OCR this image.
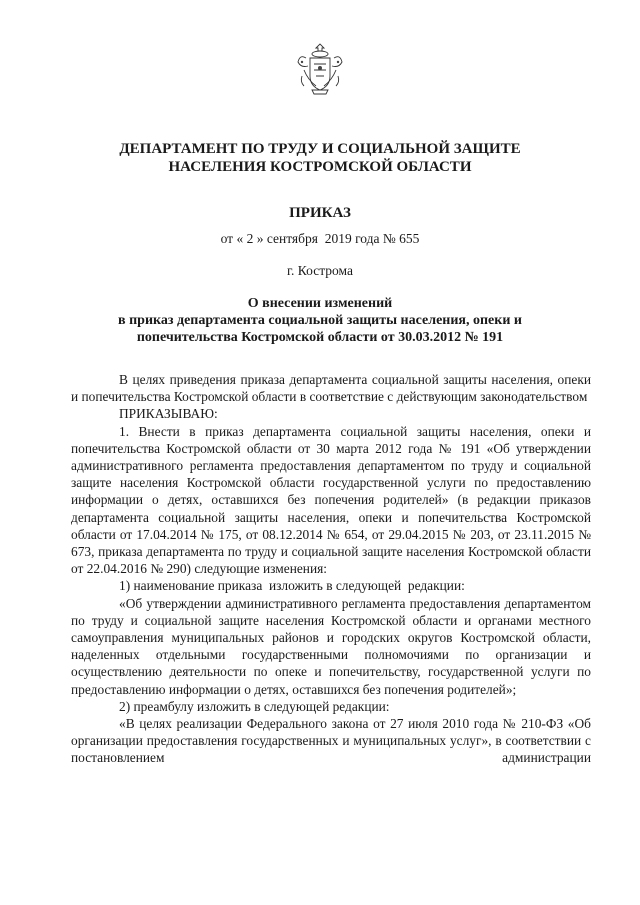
ДЕПАРТАМЕНТ ПО ТРУДУ И СОЦИАЛЬНОЙ ЗАЩИТЕ
НАСЕЛЕНИЯ КОСТРОМСКОЙ ОБЛАСТИ
ПРИКАЗ
от « 2 » сентября  2019 года № 655
г. Кострома
О внесении изменений
в приказ департамента социальной защиты населения, опеки и
попечительства Костромской области от 30.03.2012 № 191

В целях приведения приказа департамента социальной защиты населения, опеки и попечительства Костромской области в соответствие с действующим законодательством

ПРИКАЗЫВАЮ:

1. Внести в приказ департамента социальной защиты населения, опеки и попечительства Костромской области от 30 марта 2012 года № 191 «Об утверждении административного регламента предоставления департаментом по труду и социальной защите населения Костромской области государственной услуги по предоставлению информации о детях, оставшихся без попечения родителей» (в редакции приказов департамента социальной защиты населения, опеки и попечительства Костромской области от 17.04.2014 № 175, от 08.12.2014 № 654, от 29.04.2015 № 203, от 23.11.2015 № 673, приказа департамента по труду и социальной защите населения Костромской области от 22.04.2016 № 290) следующие изменения:

1) наименование приказа  изложить в следующей  редакции:

«Об утверждении административного регламента предоставления департаментом по труду и социальной защите населения Костромской области и органами местного самоуправления муниципальных районов и городских округов Костромской области, наделенных отдельными государственными полномочиями по организации и осуществлению деятельности по опеке и попечительству, государственной услуги по предоставлению информации о детях, оставшихся без попечения родителей»;

2) преамбулу изложить в следующей редакции:

«В целях реализации Федерального закона от 27 июля 2010 года № 210-ФЗ «Об организации предоставления государственных и муниципальных услуг», в соответствии с постановлением администрации
